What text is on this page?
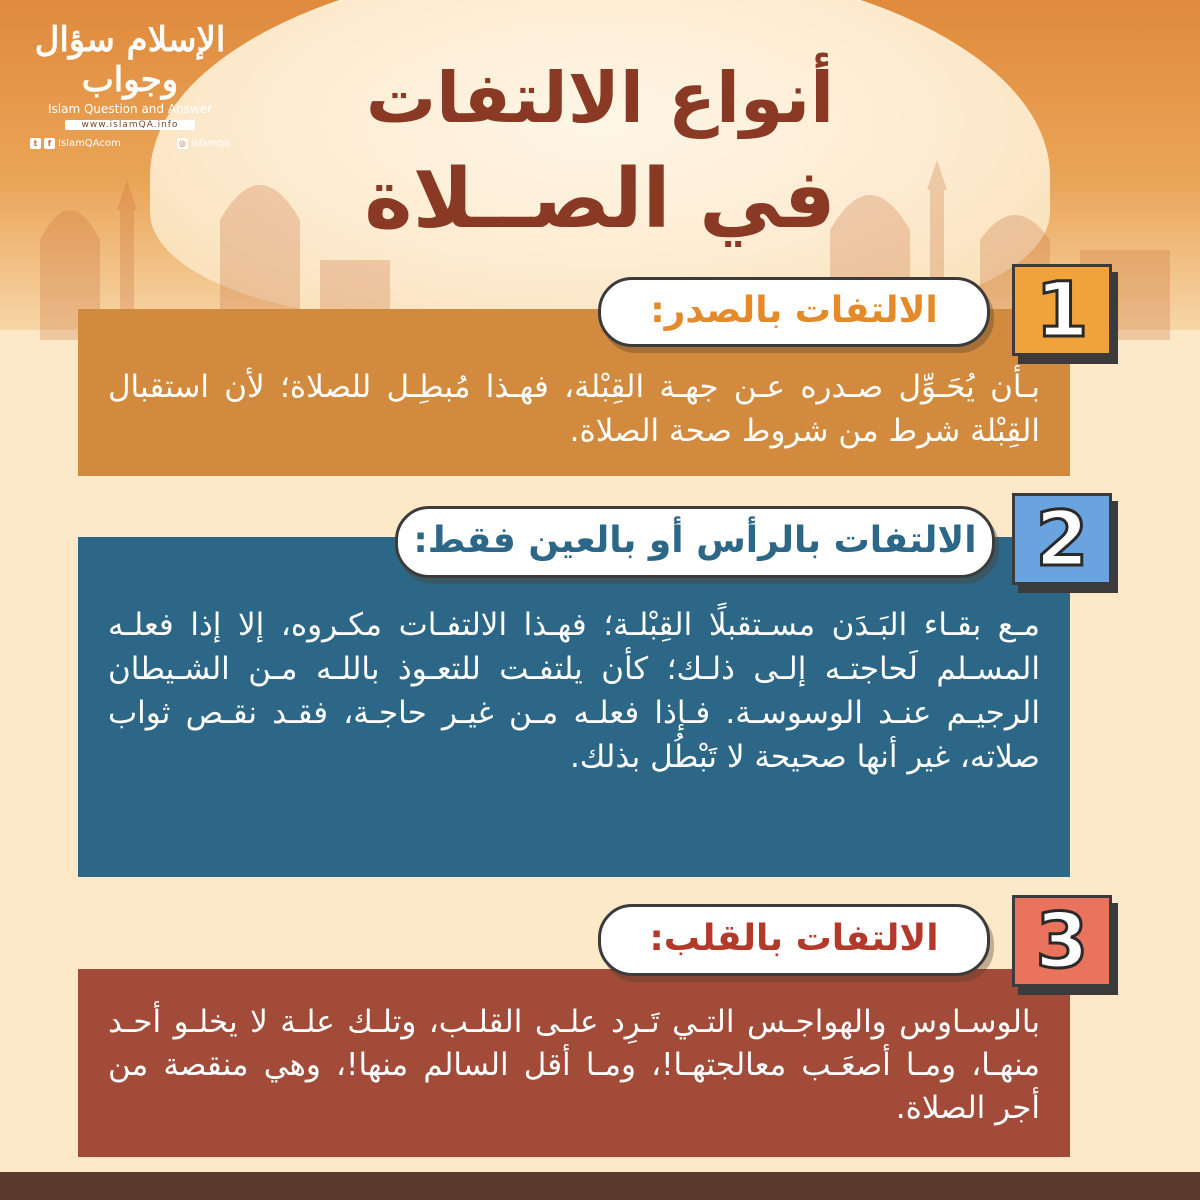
الإسلام سؤال وجواب
Islam Question and Answer
www.islamQA.info
t	f IslamQAcom	◎ islamqa
أنواع الالتفات
في الصــلاة
بـأن يُحَـوِّل صـدره عـن جهـة القِبْلة، فهـذا مُبطِـل للصلاة؛ لأن استقبال القِبْلة شرط من شروط صحة الصلاة.
الالتفات بالصدر:	1
مـع بقـاء البَـدَن مسـتقبلًا القِبْلـة؛ فهـذا الالتفـات مكـروه، إلا إذا فعلـه المسـلم لَحاجتـه إلـى ذلـك؛ كأن يلتفـت للتعـوذ باللـه مـن الشـيطان الرجيـم عنـد الوسوسـة. فـإذا فعلـه مـن غيـر حاجـة، فقـد نقـص ثواب صلاته، غير أنها صحيحة لا تَبْطُل بذلك.
الالتفات بالرأس أو بالعين فقط: 2
بالوسـاوس والهواجـس التـي تَـرِد علـى القلـب، وتلـك علـة لا يخلـو أحـد منهـا، ومـا أصعَـب معالجتهـا!، ومـا أقل السالم منها!، وهي منقصة من أجر الصلاة.
الالتفات بالقلب:	3
